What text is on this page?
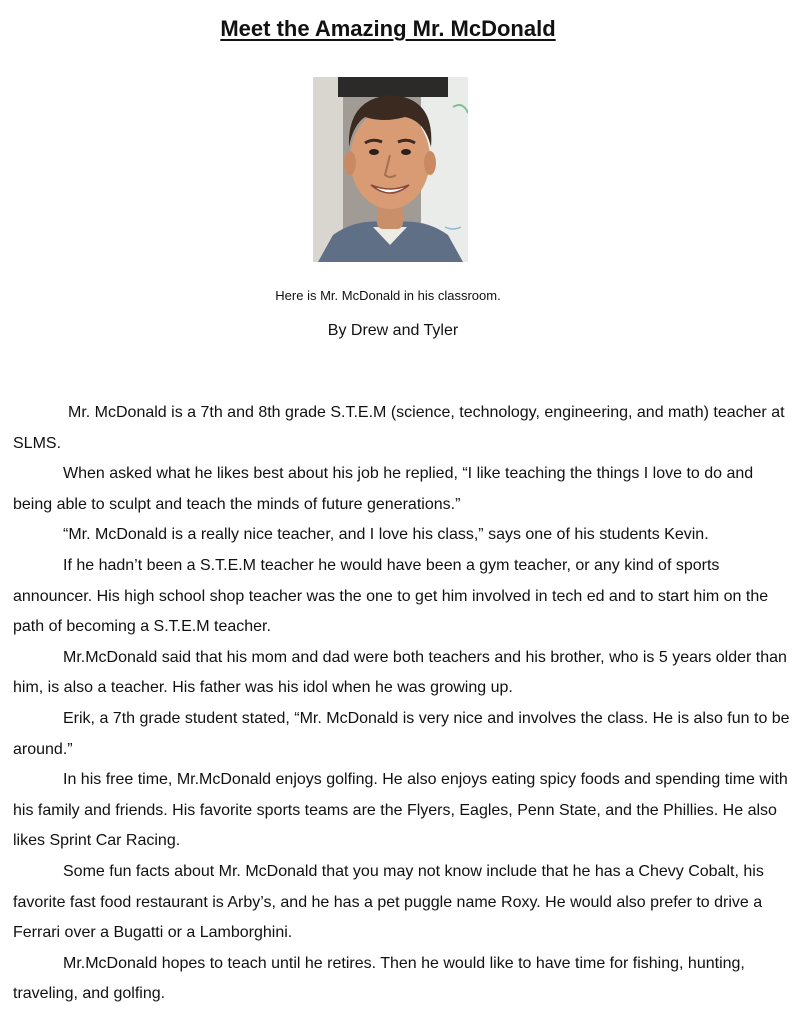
Meet the Amazing Mr. McDonald
Here is Mr. McDonald in his classroom.
By Drew and Tyler

Mr. McDonald is a 7th and 8th grade S.T.E.M (science, technology, engineering, and math) teacher at SLMS.

When asked what he likes best about his job he replied, “I like teaching the things I love to do and being able to sculpt and teach the minds of future generations.”

“Mr. McDonald is a really nice teacher, and I love his class,” says one of his students Kevin.

If he hadn’t been a S.T.E.M teacher he would have been a gym teacher, or any kind of sports announcer. His high school shop teacher was the one to get him involved in tech ed and to start him on the path of becoming a S.T.E.M teacher.

Mr.McDonald said that his mom and dad were both teachers and his brother, who is 5 years older than him, is also a teacher. His father was his idol when he was growing up.

Erik, a 7th grade student stated, “Mr. McDonald is very nice and involves the class. He is also fun to be around.”

In his free time, Mr.McDonald enjoys golfing. He also enjoys eating spicy foods and spending time with his family and friends. His favorite sports teams are the Flyers, Eagles, Penn State, and the Phillies. He also likes Sprint Car Racing.

Some fun facts about Mr. McDonald that you may not know include that he has a Chevy Cobalt, his favorite fast food restaurant is Arby’s, and he has a pet puggle name Roxy. He would also prefer to drive a Ferrari over a Bugatti or a Lamborghini.

Mr.McDonald hopes to teach until he retires. Then he would like to have time for fishing, hunting, traveling, and golfing.
